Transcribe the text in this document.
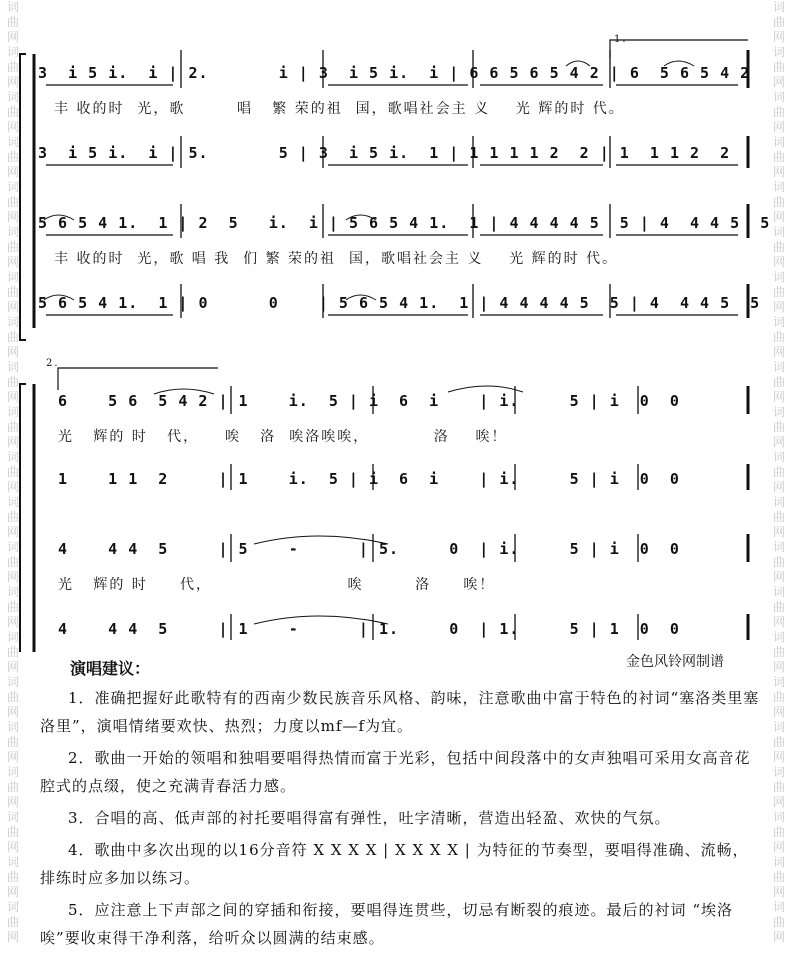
词
曲
网
词
曲
网
词
曲
网
词
曲
网
词
曲
网
词
曲
网
词
曲
网
词
曲
网
词
曲
网
词
曲
网
词
曲
网
词
曲
网
词
曲
网
词
曲
网
词
曲
网
词
曲
网
词
曲
网
词
曲
网
词
曲
网
词
曲
网
词
曲
网
词
曲
网
词
曲
网
词
曲
网
词
曲
网
词
曲
网
词
曲
网
词
曲
网
词
曲
网
词
曲
网
词
曲
网
词
曲
网
词
曲
网
词
曲
网
词
曲
网
词
曲
网
词
曲
网
词
曲
网
词
曲
网
词
曲
网
词
曲
网
词
曲
网

1.

3  i 5 i.  i | 2.       i | 3  i 5 i.  i | 6 6 5 6 5 4 2 | 6  5 6 5 4 2
丰 收的时  光，歌        唱   繁 荣的祖  国，歌唱社会主 义    光 辉的时 代。
3  i 5 i.  i | 5.       5 | 3  i 5 i.  1 | 1 1 1 1 2  2 | 1  1 1 2  2
5 6 5 4 1.  1 | 2  5   i.  i | 5 6 5 4 1.  1 | 4 4 4 4 5  5 | 4  4 4 5  5
丰 收的时  光，歌 唱 我  们 繁 荣的祖  国，歌唱社会主 义    光 辉的时 代。
5 6 5 4 1.  1 | 0      0    | 5 6 5 4 1.  1 | 4 4 4 4 5  5 | 4  4 4 5  5
2.
6    5 6  5 4 2 | 1    i.  5 | i  6  i    | i.     5 | i  0  0
光   辉的 时   代，    唉   洛  唉洛唉唉，          洛    唉！
1    1 1  2     | 1    i.  5 | i  6  i    | i.     5 | i  0  0
4    4 4  5     | 5    -      | 5.     0  | i.     5 | i  0  0
光   辉的 时     代，                     唉        洛     唉！
4    4 4  5     | 1    -      | 1.     0  | 1.     5 | 1  0  0
演唱建议：	金色风铃网制谱

1．准确把握好此歌特有的西南少数民族音乐风格、韵味，注意歌曲中富于特色的衬词“塞洛类里塞洛里”，演唱情绪要欢快、热烈；力度以mf—f为宜。

2．歌曲一开始的领唱和独唱要唱得热情而富于光彩，包括中间段落中的女声独唱可采用女高音花腔式的点缀，使之充满青春活力感。

3．合唱的高、低声部的衬托要唱得富有弹性，吐字清晰，营造出轻盈、欢快的气氛。

4．歌曲中多次出现的以16分音符 X X X X | X X X X | 为特征的节奏型，要唱得准确、流畅，排练时应多加以练习。

5．应注意上下声部之间的穿插和衔接，要唱得连贯些，切忌有断裂的痕迹。最后的衬词 “埃洛唉”要收束得干净利落，给听众以圆满的结束感。
